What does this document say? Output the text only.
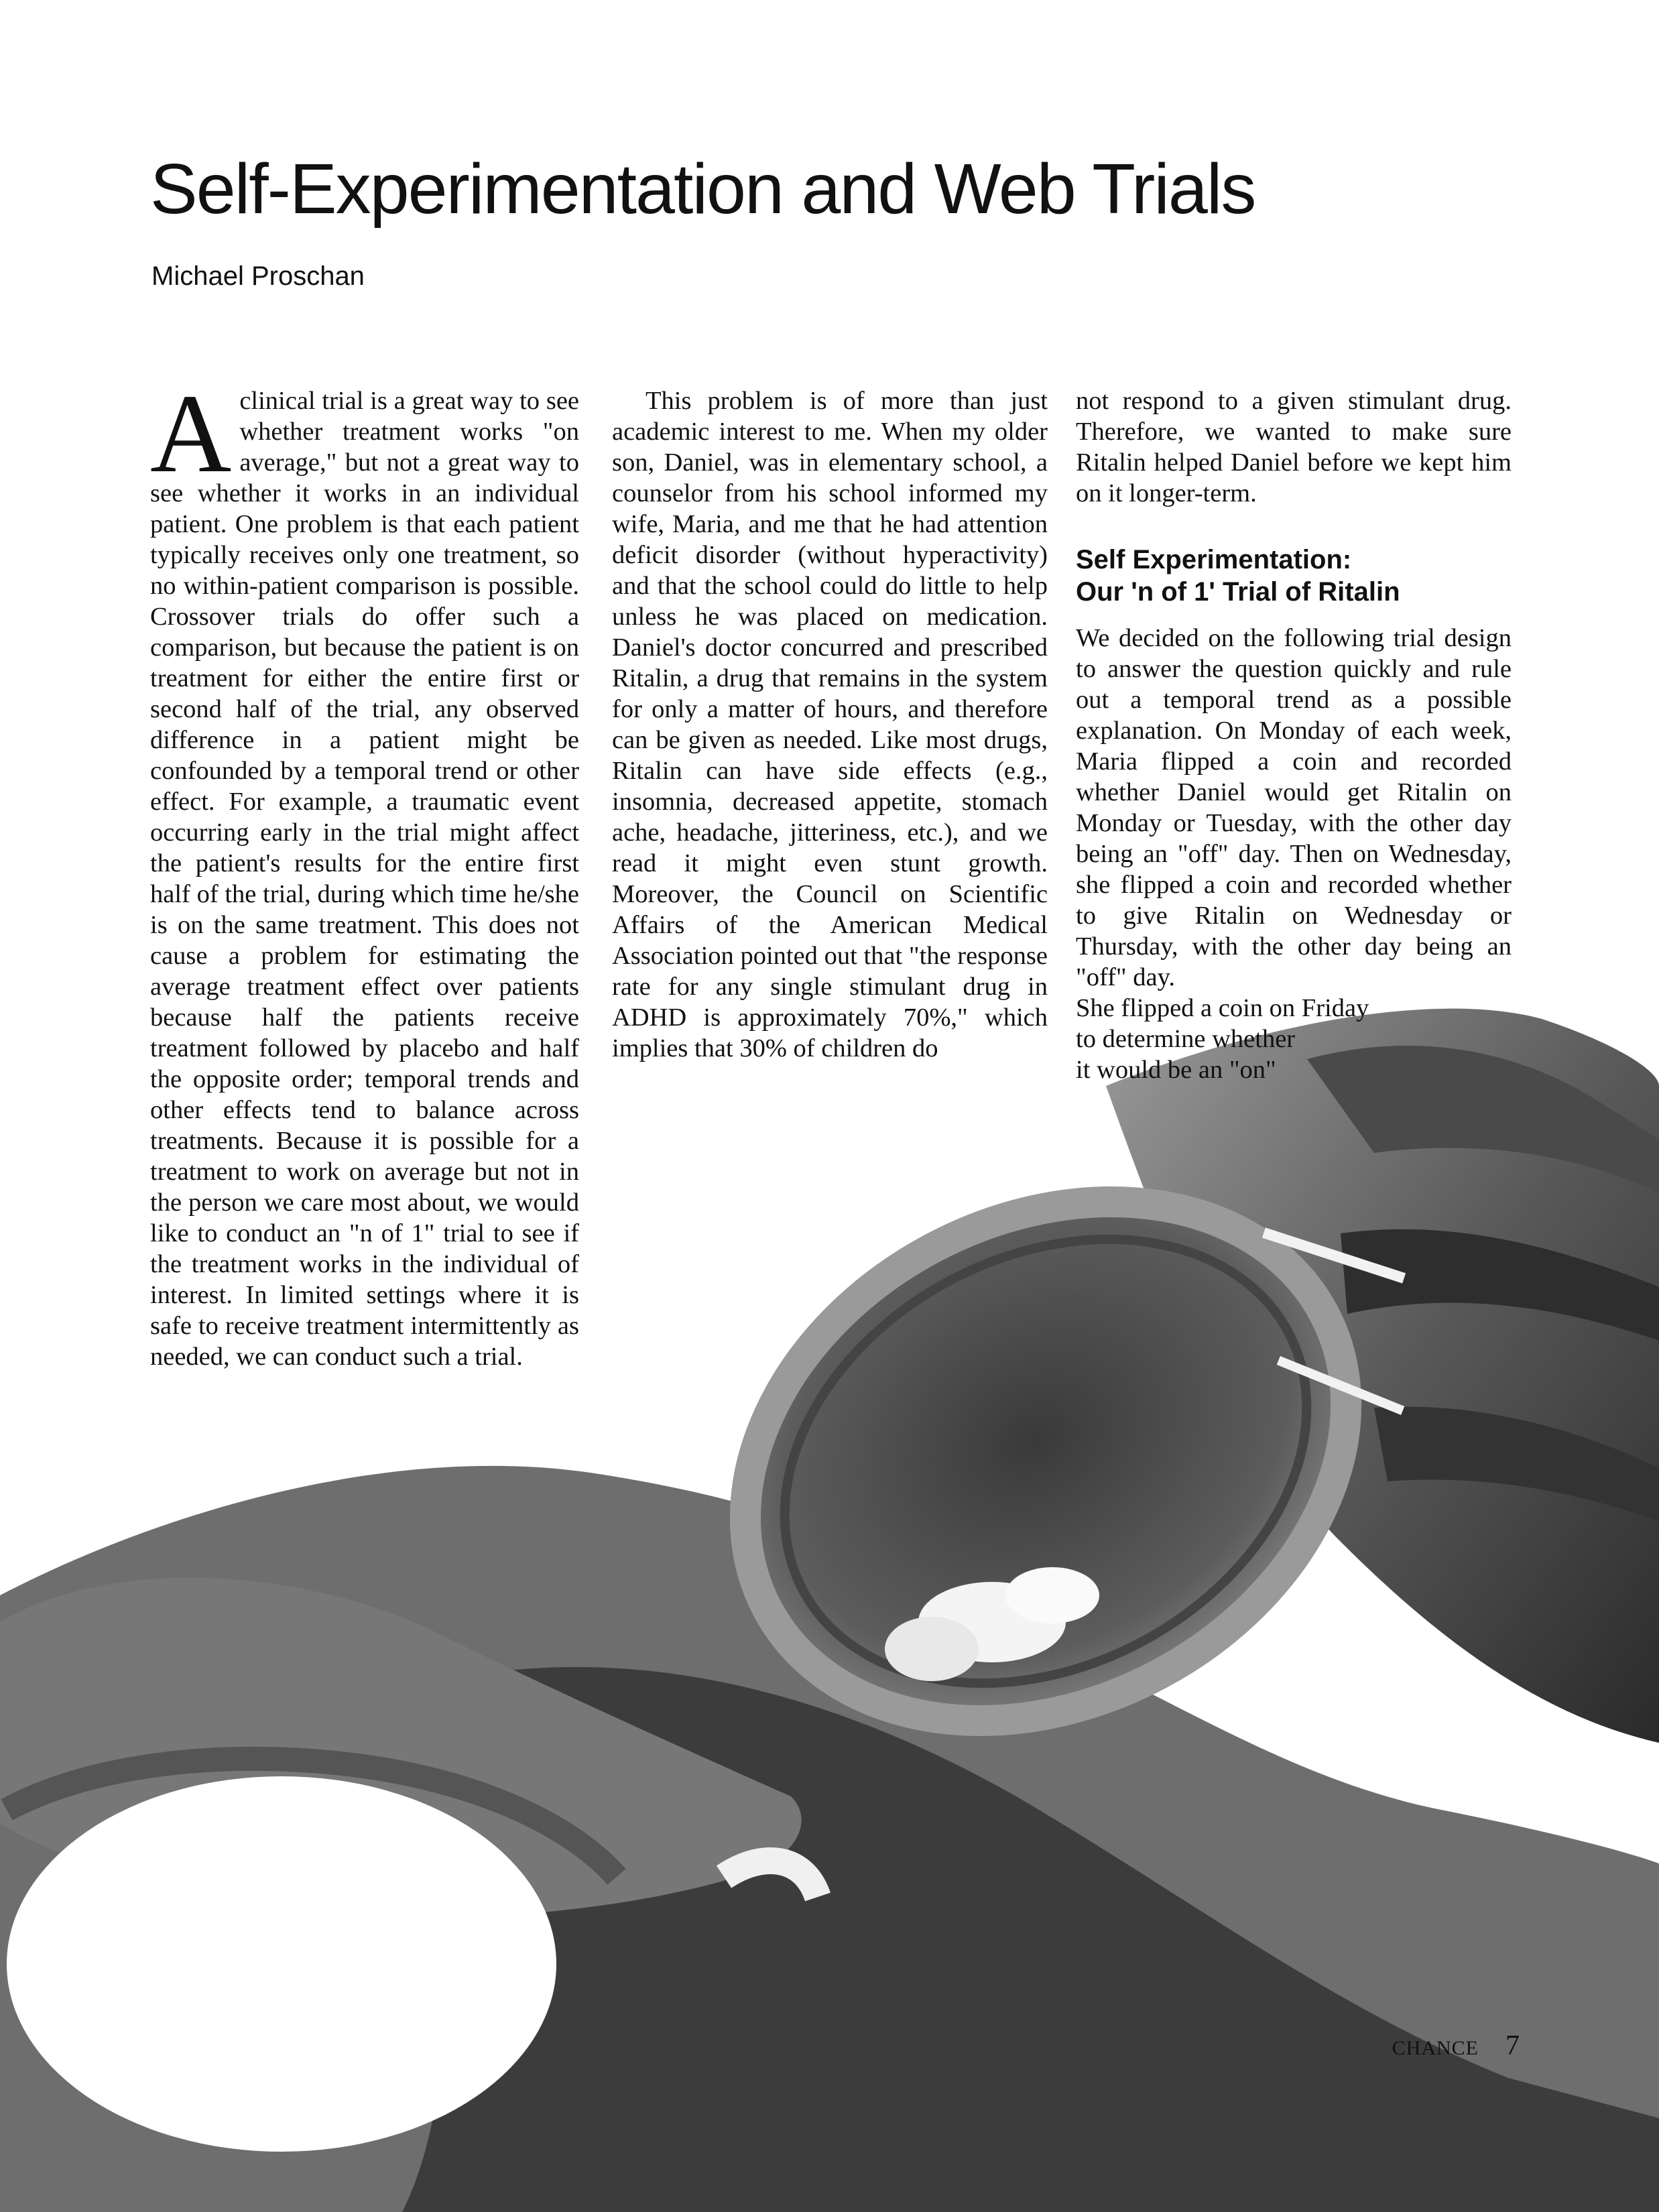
Self-Experimentation and Web Trials
Michael Proschan

Aclinical trial is a great way to see whether treatment works "on average," but not a great way to see whether it works in an individual patient. One problem is that each patient typically receives only one treatment, so no within-patient comparison is possible. Crossover trials do offer such a comparison, but because the patient is on treatment for either the entire first or second half of the trial, any observed difference in a patient might be confounded by a temporal trend or other effect. For example, a traumatic event occurring early in the trial might affect the patient's results for the entire first half of the trial, during which time he/she is on the same treatment. This does not cause a problem for estimating the average treatment effect over patients because half the patients receive treatment followed by placebo and half the opposite order; temporal trends and other effects tend to balance across treatments. Because it is possible for a treatment to work on average but not in the person we care most about, we would like to conduct an "n of 1" trial to see if the treatment works in the individual of interest. In limited settings where it is safe to receive treatment intermittently as needed, we can conduct such a trial.

This problem is of more than just academic interest to me. When my older son, Daniel, was in elementary school, a counselor from his school informed my wife, Maria, and me that he had attention deficit disorder (without hyperactivity) and that the school could do little to help unless he was placed on medication. Daniel's doctor concurred and prescribed Ritalin, a drug that remains in the system for only a matter of hours, and therefore can be given as needed. Like most drugs, Ritalin can have side effects (e.g., insomnia, decreased appetite, stomach ache, headache, jitteriness, etc.), and we read it might even stunt growth. Moreover, the Council on Scientific Affairs of the American Medical Association pointed out that "the response rate for any single stimulant drug in ADHD is approximately 70%," which implies that 30% of children do

not respond to a given stimulant drug. Therefore, we wanted to make sure Ritalin helped Daniel before we kept him on it longer-term.

Self Experimentation:
Our 'n of 1' Trial of Ritalin

We decided on the following trial design to answer the question quickly and rule out a temporal trend as a possible explanation. On Monday of each week, Maria flipped a coin and recorded whether Daniel would get Ritalin on Monday or Tuesday, with the other day being an "off" day. Then on Wednesday, she flipped a coin and recorded whether to give Ritalin on Wednesday or Thursday, with the other day being an "off" day.

She flipped a coin on Friday

to determine whether

it would be an "on"

CHANCE 7
